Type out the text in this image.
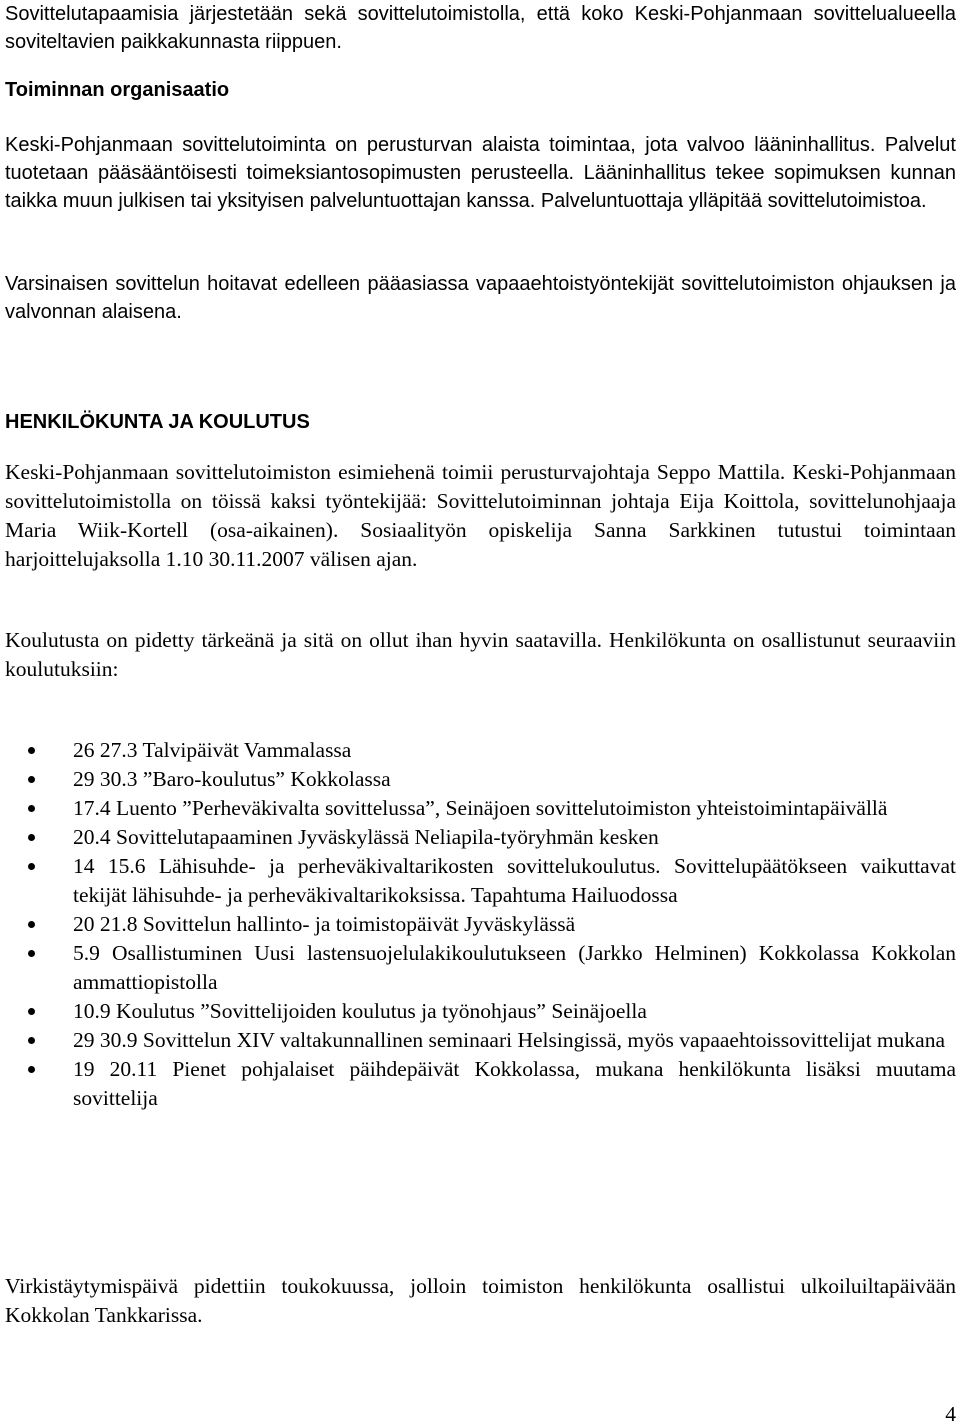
Sovittelutapaamisia järjestetään sekä sovittelutoimistolla, että koko Keski-Pohjanmaan sovittelualueella soviteltavien paikkakunnasta riippuen.

Toiminnan organisaatio

Keski-Pohjanmaan sovittelutoiminta on perusturvan alaista toimintaa, jota valvoo lääninhallitus. Palvelut tuotetaan pääsääntöisesti toimeksiantosopimusten perusteella. Lääninhallitus tekee sopimuksen kunnan taikka muun julkisen tai yksityisen palveluntuottajan kanssa. Palveluntuottaja ylläpitää sovittelutoimistoa.

Varsinaisen sovittelun hoitavat edelleen pääasiassa vapaaehtoistyöntekijät sovittelutoimiston ohjauksen ja valvonnan alaisena.

HENKILÖKUNTA JA KOULUTUS

Keski-Pohjanmaan sovittelutoimiston esimiehenä toimii perusturvajohtaja Seppo Mattila. Keski-Pohjanmaan sovittelutoimistolla on töissä kaksi työntekijää: Sovittelutoiminnan johtaja Eija Koittola, sovittelunohjaaja Maria Wiik-Kortell (osa-aikainen). Sosiaalityön opiskelija Sanna Sarkkinen tutustui toimintaan harjoittelujaksolla 1.10 30.11.2007 välisen ajan.

Koulutusta on pidetty tärkeänä ja sitä on ollut ihan hyvin saatavilla. Henkilökunta on osallistunut seuraaviin koulutuksiin:

26 27.3 Talvipäivät Vammalassa
29 30.3 ”Baro-koulutus” Kokkolassa
17.4 Luento ”Perheväkivalta sovittelussa”, Seinäjoen sovittelutoimiston yhteistoimintapäivällä
20.4 Sovittelutapaaminen Jyväskylässä Neliapila-työryhmän kesken
14 15.6 Lähisuhde- ja perheväkivaltarikosten sovittelukoulutus. Sovittelupäätökseen vaikuttavat tekijät lähisuhde- ja perheväkivaltarikoksissa. Tapahtuma Hailuodossa
20 21.8 Sovittelun hallinto- ja toimistopäivät Jyväskylässä
5.9 Osallistuminen Uusi lastensuojelulakikoulutukseen (Jarkko Helminen) Kokkolassa Kokkolan ammattiopistolla
10.9 Koulutus ”Sovittelijoiden koulutus ja työnohjaus” Seinäjoella
29 30.9 Sovittelun XIV valtakunnallinen seminaari Helsingissä, myös vapaaehtoissovittelijat mukana
19 20.11 Pienet pohjalaiset päihdepäivät Kokkolassa, mukana henkilökunta lisäksi muutama sovittelija

Virkistäytymispäivä pidettiin toukokuussa, jolloin toimiston henkilökunta osallistui ulkoiluiltapäivään Kokkolan Tankkarissa.

4
